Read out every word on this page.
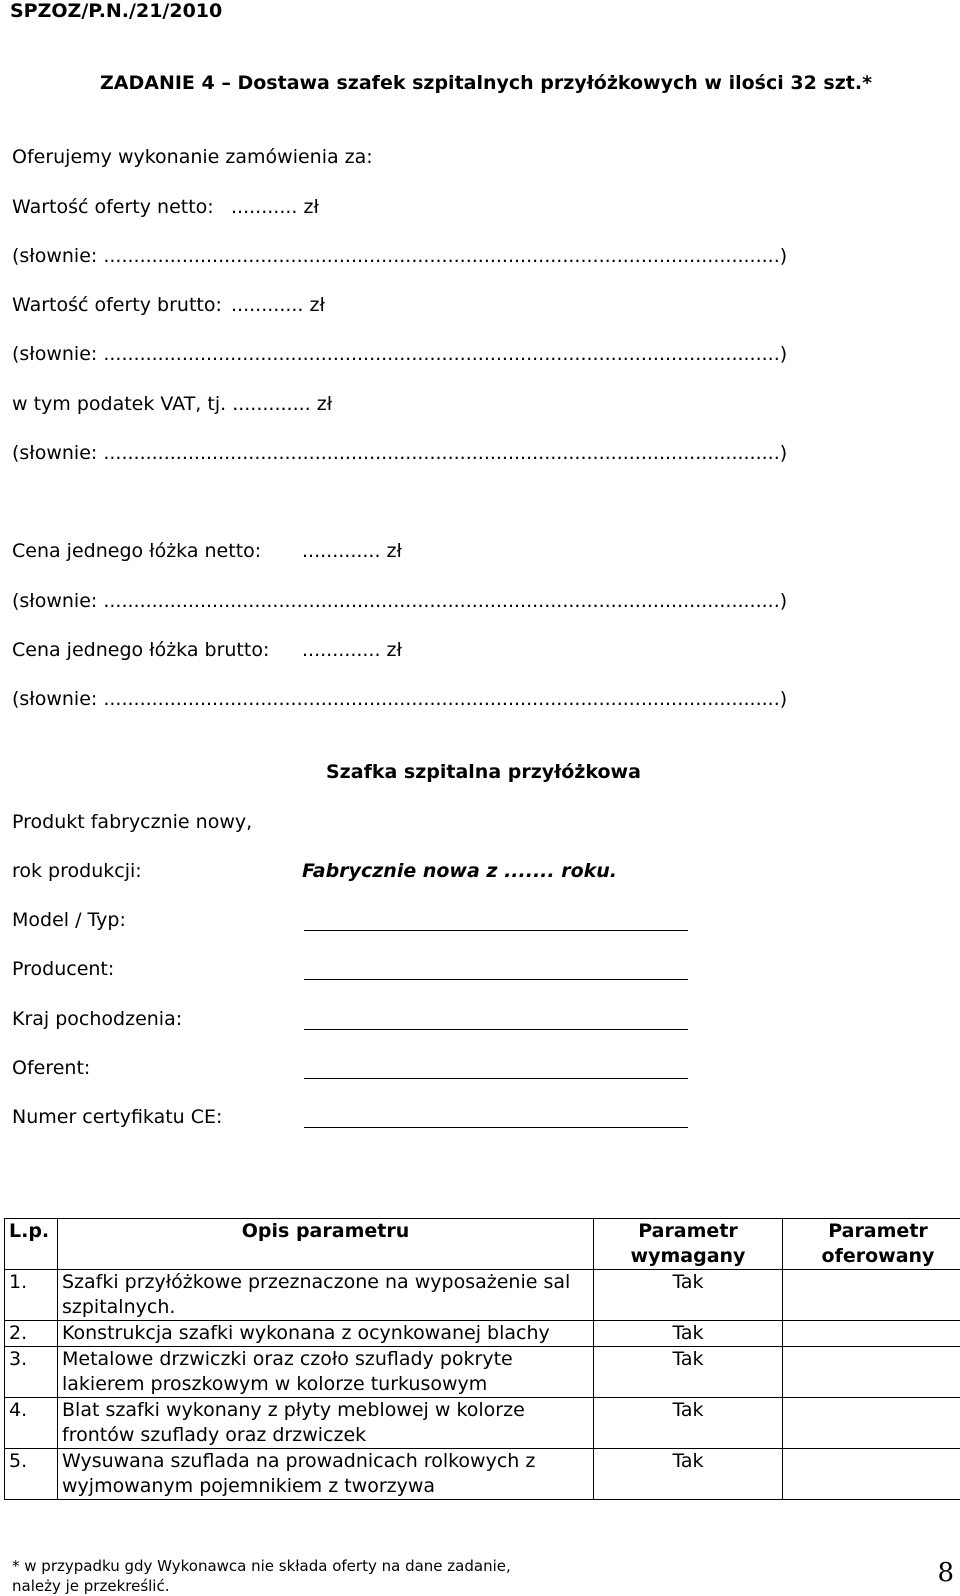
SPZOZ/P.N./21/2010
ZADANIE 4 – Dostawa szafek szpitalnych przyłóżkowych w ilości 32 szt.*
Oferujemy wykonanie zamówienia za:
Wartość oferty netto: ........... zł
(słownie: ................................................................................................................)
Wartość oferty brutto: ............ zł
(słownie: ................................................................................................................)
w tym podatek VAT, tj. ............. zł
(słownie: ................................................................................................................)
Cena jednego łóżka netto: ............. zł
(słownie: ................................................................................................................)
Cena jednego łóżka brutto: ............. zł
(słownie: ................................................................................................................)
Szafka szpitalna przyłóżkowa
Produkt fabrycznie nowy,
rok produkcji:	Fabrycznie nowa z ....... roku.
Model / Typ:
Producent:
Kraj pochodzenia:
Oferent:
Numer certyfikatu CE:
L.p.	Opis parametru	Parametr wymagany	Parametr oferowany
1.	Szafki przyłóżkowe przeznaczone na wyposażenie sal szpitalnych.	Tak	
2.	Konstrukcja szafki wykonana z ocynkowanej blachy	Tak	
3.	Metalowe drzwiczki oraz czoło szuflady pokryte lakierem proszkowym w kolorze turkusowym	Tak	
4.	Blat szafki wykonany z płyty meblowej w kolorze frontów szuflady oraz drzwiczek	Tak	
5.	Wysuwana szuflada na prowadnicach rolkowych z wyjmowanym pojemnikiem z tworzywa	Tak	
* w przypadku gdy Wykonawca nie składa oferty na dane zadanie, należy je przekreślić.	8
